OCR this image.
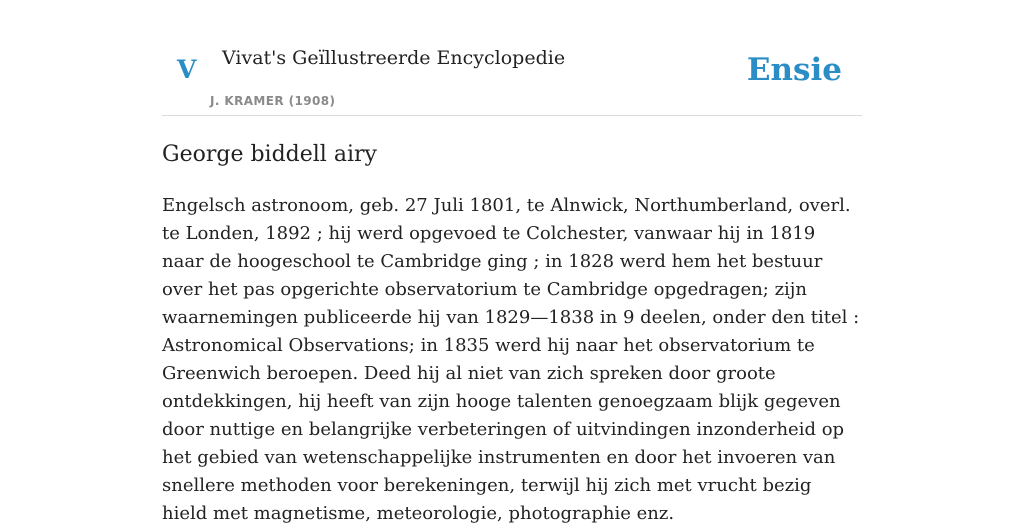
V Vivat's Geïllustreerde Encyclopedie
J. KRAMER (1908)
Ensie
George biddell airy

Engelsch astronoom, geb. 27 Juli 1801, te Alnwick, Northumberland, overl. te Londen, 1892 ; hij werd opgevoed te Colchester, vanwaar hij in 1819 naar de hoogeschool te Cambridge ging ; in 1828 werd hem het bestuur over het pas opgerichte observatorium te Cambridge opgedragen; zijn waarnemingen publiceerde hij van 1829—1838 in 9 deelen, onder den titel : Astronomical Observations; in 1835 werd hij naar het observatorium te Greenwich beroepen. Deed hij al niet van zich spreken door groote ontdekkingen, hij heeft van zijn hooge talenten genoegzaam blijk gegeven door nuttige en belangrijke verbeteringen of uitvindingen inzonderheid op het gebied van wetenschappelijke instrumenten en door het invoeren van snellere methoden voor berekeningen, terwijl hij zich met vrucht bezig hield met magnetisme, meteorologie, photographie enz.
